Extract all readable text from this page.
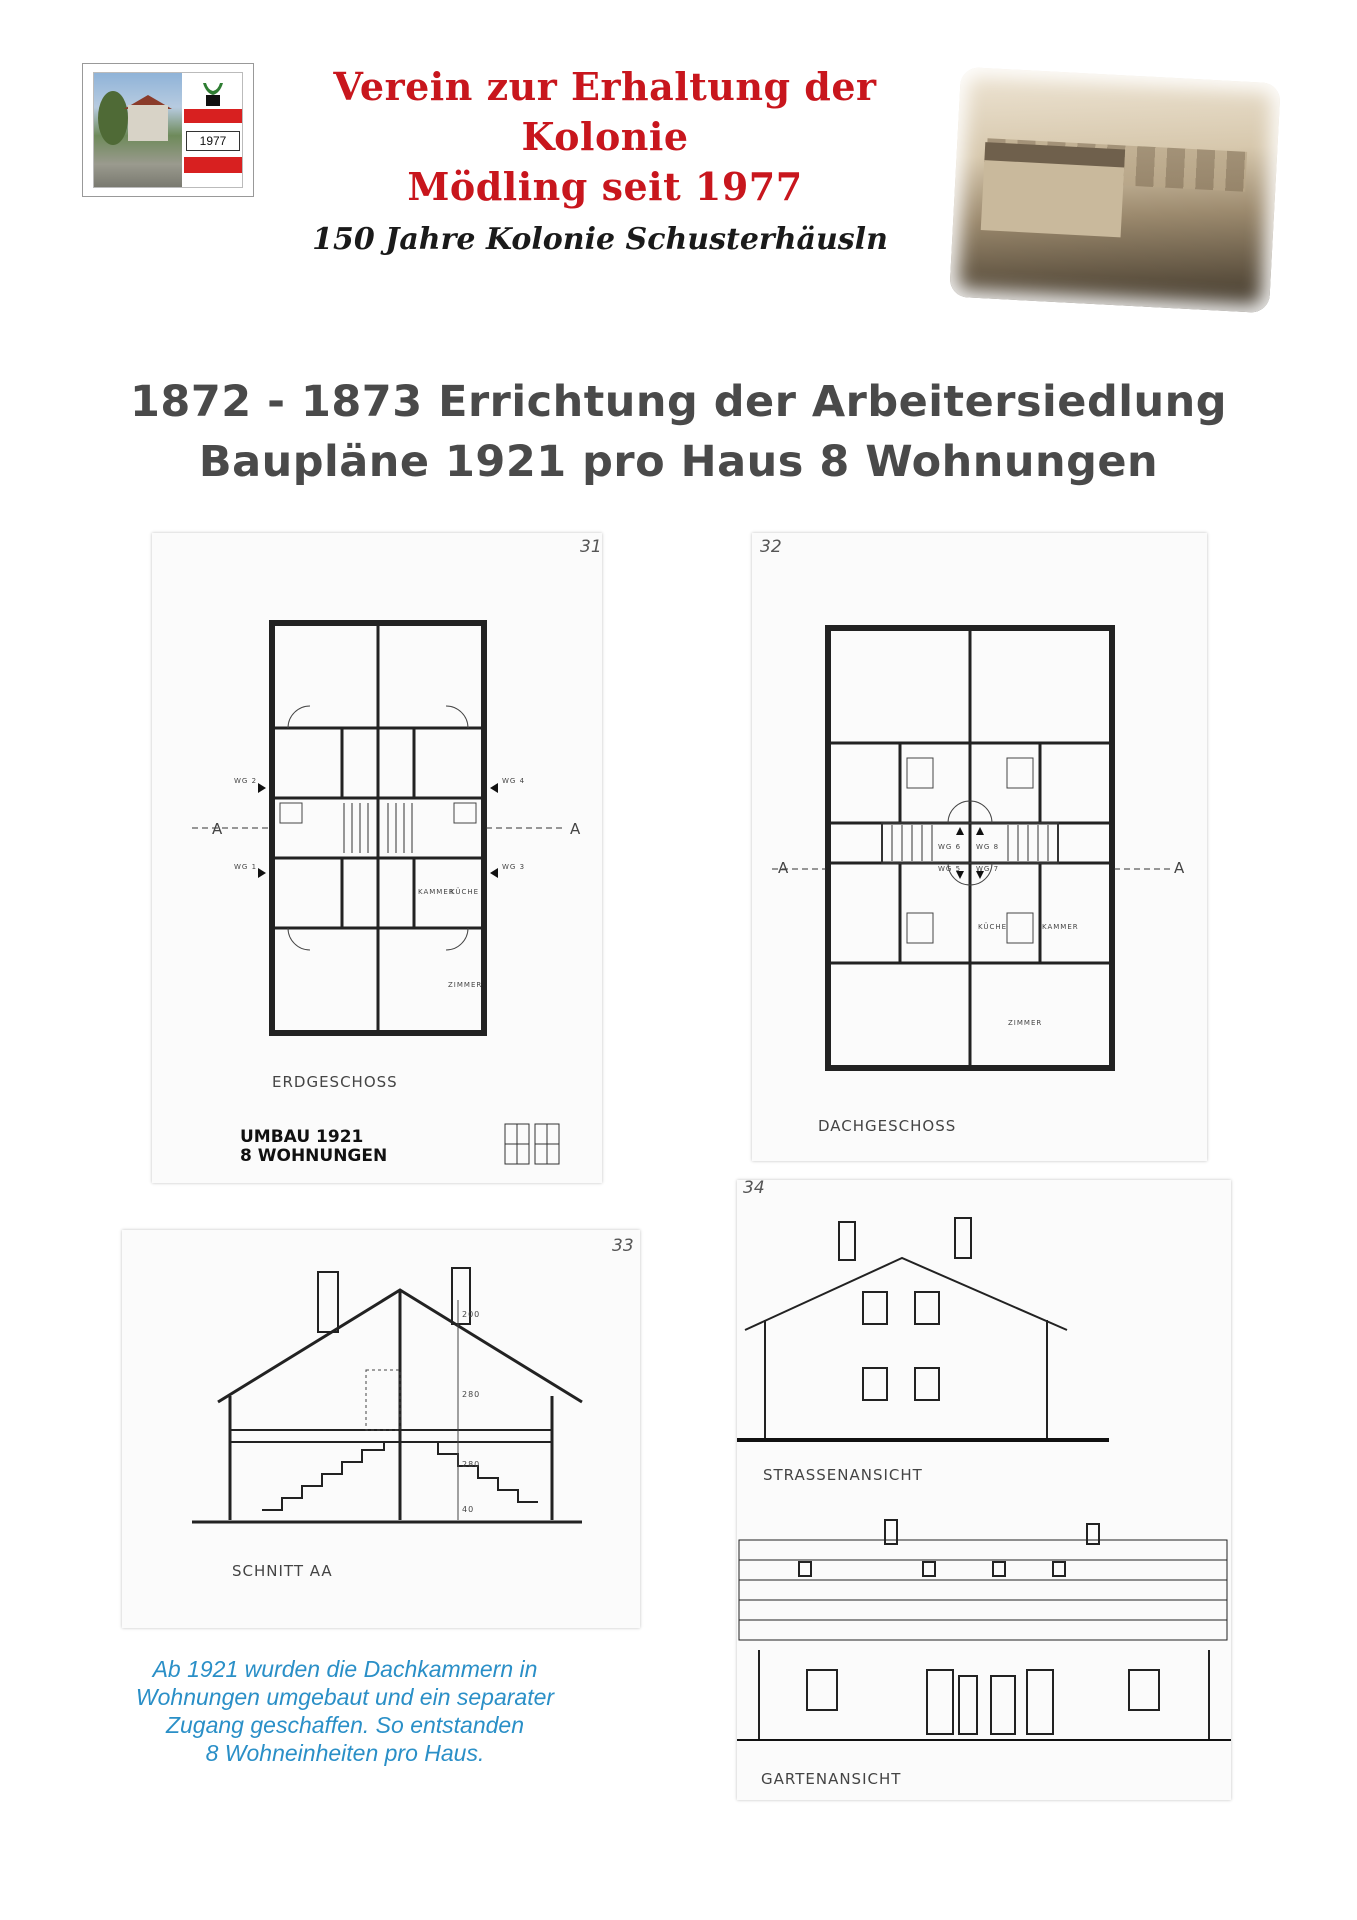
1977
Verein zur Erhaltung der Kolonie
Mödling seit 1977
150 Jahre Kolonie Schusterhäusln
1872 - 1873 Errichtung der Arbeitersiedlung
Baupläne 1921 pro Haus 8 Wohnungen
31
A	A
WG 2	WG 4
WG 1	WG 3
KAMMER
KÜCHE
ZIMMER
ERDGESCHOSS
UMBAU 1921
8 WOHNUNGEN
32
A	A
WG 6 WG 8
WG 5 WG 7
KÜCHE	KAMMER
ZIMMER
DACHGESCHOSS
33
200
280
280
40
SCHNITT AA
34
STRASSENANSICHT
GARTENANSICHT
Ab 1921 wurden die Dachkammern in
Wohnungen umgebaut und ein separater
Zugang geschaffen. So entstanden
8 Wohneinheiten pro Haus.
